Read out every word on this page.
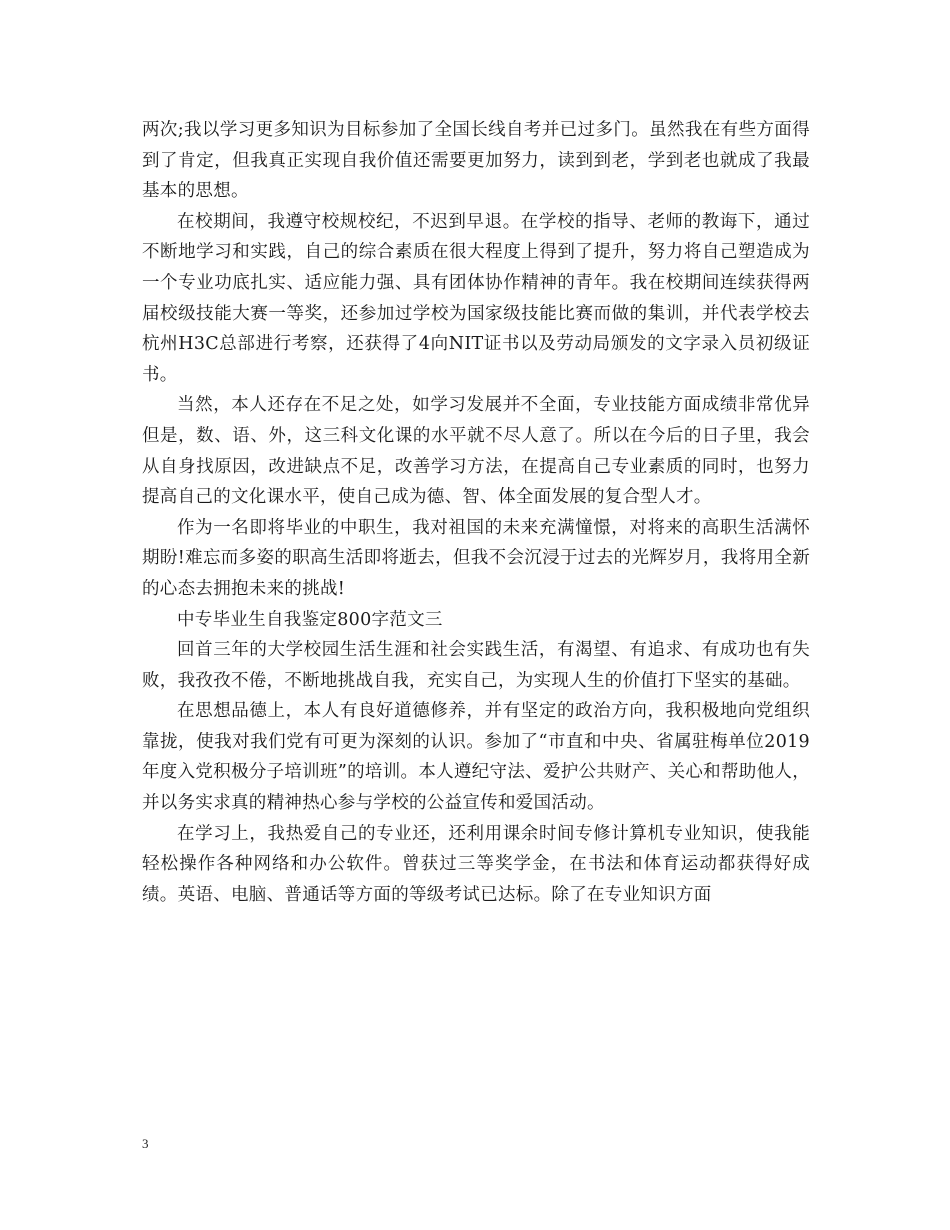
两次;我以学习更多知识为目标参加了全国长线自考并已过多门。虽然我在有些方面得到了肯定，但我真正实现自我价值还需要更加努力，读到到老，学到老也就成了我最基本的思想。

在校期间，我遵守校规校纪，不迟到早退。在学校的指导、老师的教诲下，通过不断地学习和实践，自己的综合素质在很大程度上得到了提升，努力将自己塑造成为一个专业功底扎实、适应能力强、具有团体协作精神的青年。我在校期间连续获得两届校级技能大赛一等奖，还参加过学校为国家级技能比赛而做的集训，并代表学校去杭州H3C总部进行考察，还获得了4向NIT证书以及劳动局颁发的文字录入员初级证书。

当然，本人还存在不足之处，如学习发展并不全面，专业技能方面成绩非常优异但是，数、语、外，这三科文化课的水平就不尽人意了。所以在今后的日子里，我会从自身找原因，改进缺点不足，改善学习方法，在提高自己专业素质的同时，也努力提高自己的文化课水平，使自己成为德、智、体全面发展的复合型人才。

作为一名即将毕业的中职生，我对祖国的未来充满憧憬，对将来的高职生活满怀期盼!难忘而多姿的职高生活即将逝去，但我不会沉浸于过去的光辉岁月，我将用全新的心态去拥抱未来的挑战!

中专毕业生自我鉴定800字范文三

回首三年的大学校园生活生涯和社会实践生活，有渴望、有追求、有成功也有失败，我孜孜不倦，不断地挑战自我，充实自己，为实现人生的价值打下坚实的基础。

在思想品德上，本人有良好道德修养，并有坚定的政治方向，我积极地向党组织靠拢，使我对我们党有可更为深刻的认识。参加了“市直和中央、省属驻梅单位2019年度入党积极分子培训班”的培训。本人遵纪守法、爱护公共财产、关心和帮助他人，并以务实求真的精神热心参与学校的公益宣传和爱国活动。

在学习上，我热爱自己的专业还，还利用课余时间专修计算机专业知识，使我能轻松操作各种网络和办公软件。曾获过三等奖学金，在书法和体育运动都获得好成绩。英语、电脑、普通话等方面的等级考试已达标。除了在专业知识方面

3
